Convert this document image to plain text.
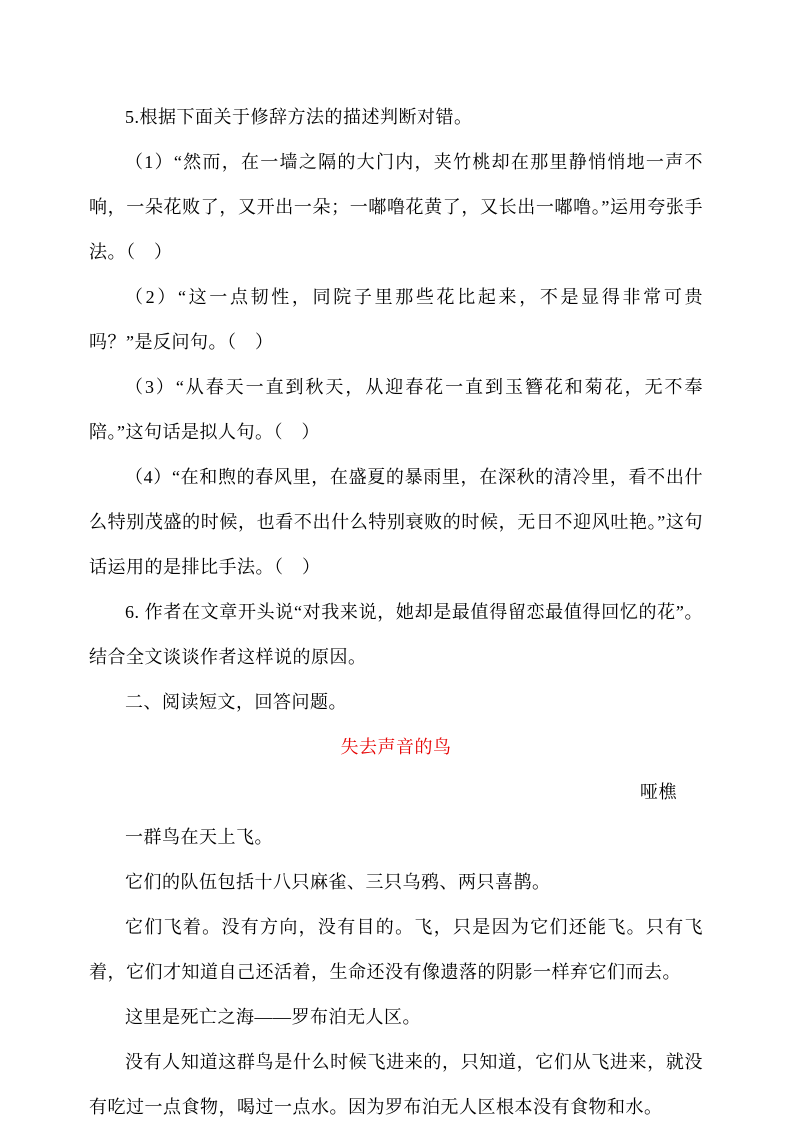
5.根据下面关于修辞方法的描述判断对错。

（1）“然而，在一墙之隔的大门内，夹竹桃却在那里静悄悄地一声不响，一朵花败了，又开出一朵；一嘟噜花黄了，又长出一嘟噜。”运用夸张手法。（　）

（2）“这一点韧性，同院子里那些花比起来，不是显得非常可贵吗？”是反问句。（　）

（3）“从春天一直到秋天，从迎春花一直到玉簪花和菊花，无不奉陪。”这句话是拟人句。（　）

（4）“在和煦的春风里，在盛夏的暴雨里，在深秋的清冷里，看不出什么特别茂盛的时候，也看不出什么特别衰败的时候，无日不迎风吐艳。”这句话运用的是排比手法。（　）

6. 作者在文章开头说“对我来说，她却是最值得留恋最值得回忆的花”。结合全文谈谈作者这样说的原因。

二、阅读短文，回答问题。

失去声音的鸟

哑樵

一群鸟在天上飞。

它们的队伍包括十八只麻雀、三只乌鸦、两只喜鹊。

它们飞着。没有方向，没有目的。飞，只是因为它们还能飞。只有飞着，它们才知道自己还活着，生命还没有像遗落的阴影一样弃它们而去。

这里是死亡之海——罗布泊无人区。

没有人知道这群鸟是什么时候飞进来的，只知道，它们从飞进来，就没有吃过一点食物，喝过一点水。因为罗布泊无人区根本没有食物和水。
